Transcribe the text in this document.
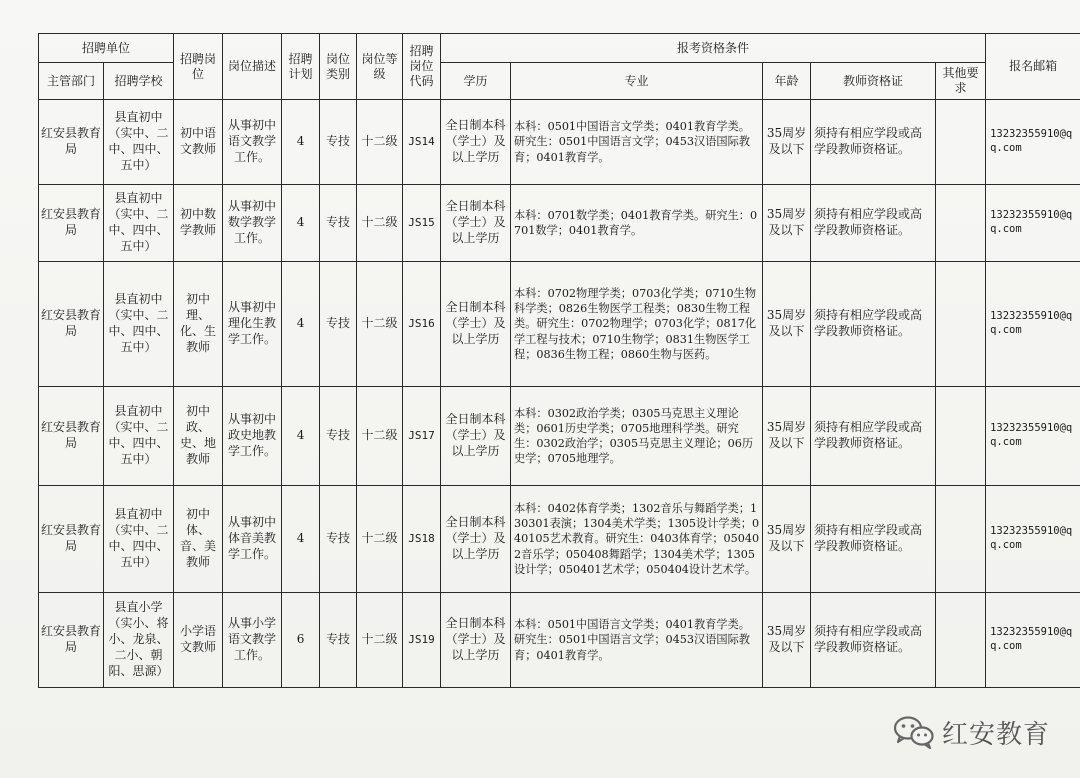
招聘单位		招聘岗位	岗位描述	招聘计划	岗位类别	岗位等级	招聘岗位代码	报考资格条件					报名邮箱
主管部门	招聘学校							学历	专业	年龄	教师资格证	其他要求	
红安县教育局	县直初中（实中、二中、四中、五中）	初中语文教师	从事初中语文教学工作。	4	专技	十二级	JS14	全日制本科（学士）及以上学历	本科：0501中国语言文学类；0401教育学类。研究生：0501中国语言文学；0453汉语国际教育；0401教育学。	35周岁及以下	须持有相应学段或高学段教师资格证。		13232355910@qq.com
红安县教育局	县直初中（实中、二中、四中、五中）	初中数学教师	从事初中数学教学工作。	4	专技	十二级	JS15	全日制本科（学士）及以上学历	本科：0701数学类；0401教育学类。研究生：0701数学；0401教育学。	35周岁及以下	须持有相应学段或高学段教师资格证。		13232355910@qq.com
红安县教育局	县直初中（实中、二中、四中、五中）	初中理、化、生教师	从事初中理化生教学工作。	4	专技	十二级	JS16	全日制本科（学士）及以上学历	本科：0702物理学类；0703化学类；0710生物科学类；0826生物医学工程类；0830生物工程类。研究生：0702物理学；0703化学；0817化学工程与技术；0710生物学；0831生物医学工程；0836生物工程；0860生物与医药。	35周岁及以下	须持有相应学段或高学段教师资格证。		13232355910@qq.com
红安县教育局	县直初中（实中、二中、四中、五中）	初中政、史、地教师	从事初中政史地教学工作。	4	专技	十二级	JS17	全日制本科（学士）及以上学历	本科：0302政治学类；0305马克思主义理论类；0601历史学类；0705地理科学类。研究生：0302政治学；0305马克思主义理论；06历史学；0705地理学。	35周岁及以下	须持有相应学段或高学段教师资格证。		13232355910@qq.com
红安县教育局	县直初中（实中、二中、四中、五中）	初中体、音、美教师	从事初中体音美教学工作。	4	专技	十二级	JS18	全日制本科（学士）及以上学历	本科：0402体育学类；1302音乐与舞蹈学类；130301表演；1304美术学类；1305设计学类；040105艺术教育。研究生：0403体育学；050402音乐学；050408舞蹈学；1304美术学；1305设计学；050401艺术学；050404设计艺术学。	35周岁及以下	须持有相应学段或高学段教师资格证。		13232355910@qq.com
红安县教育局	县直小学（实小、将小、龙泉、二小、朝阳、思源）	小学语文教师	从事小学语文教学工作。	6	专技	十二级	JS19	全日制本科（学士）及以上学历	本科：0501中国语言文学类；0401教育学类。研究生：0501中国语言文学；0453汉语国际教育；0401教育学。	35周岁及以下	须持有相应学段或高学段教师资格证。		13232355910@qq.com
红安教育
